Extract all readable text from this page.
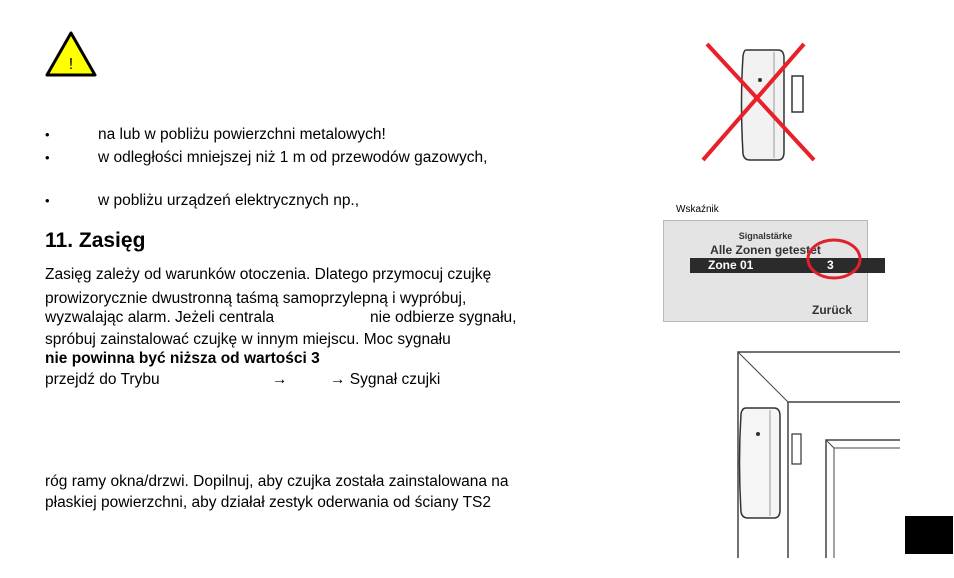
!
•	na lub w pobliżu powierzchni metalowych!
•	w odległości mniejszej niż 1 m od przewodów gazowych,
•	w pobliżu urządzeń elektrycznych np.,
11. Zasięg
Zasięg zależy od warunków otoczenia. Dlatego przymocuj czujkę
prowizorycznie dwustronną taśmą samoprzylepną i wypróbuj,
wyzwalając alarm. Jeżeli centrala	nie odbierze sygnału,
spróbuj zainstalować czujkę w innym miejscu. Moc sygnału
nie powinna być niższa od wartości 3
przejdź do Trybu	→	→ Sygnał czujki
róg ramy okna/drzwi. Dopilnuj, aby czujka została zainstalowana na
płaskiej powierzchni, aby działał zestyk oderwania od ściany TS2
Wskaźnik
Signalstärke
Alle Zonen getestet
Zone 01	3
Zurück
